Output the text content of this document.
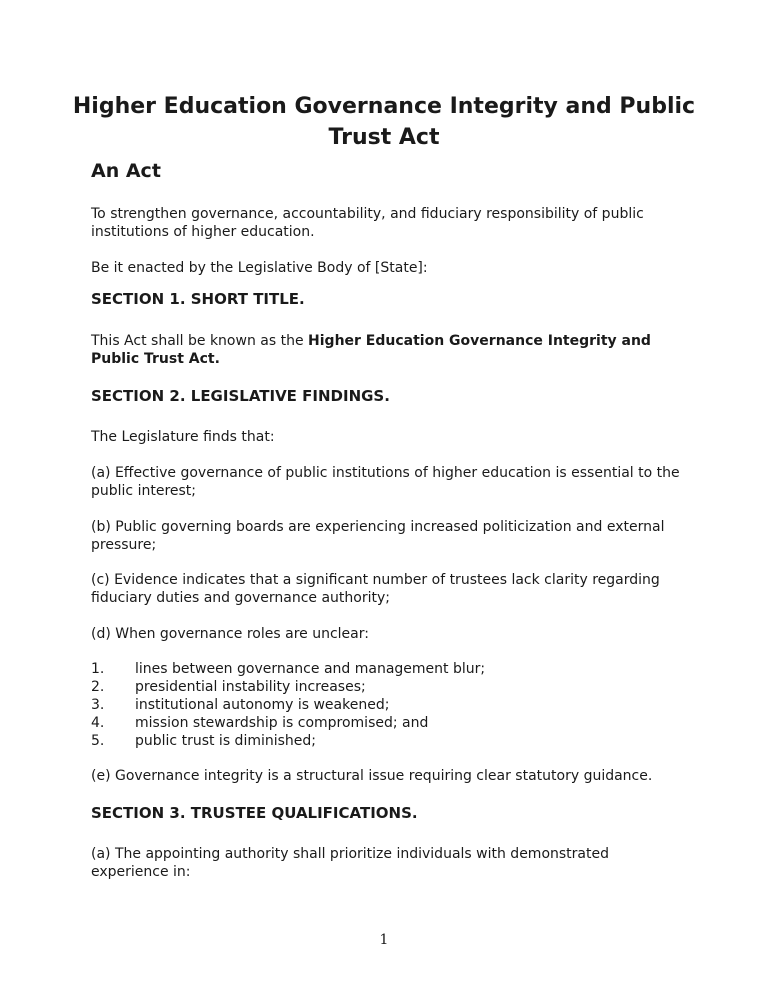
Higher Education Governance Integrity and Public Trust Act
An Act

To strengthen governance, accountability, and fiduciary responsibility of public institutions of higher education.

Be it enacted by the Legislative Body of [State]:

SECTION 1. SHORT TITLE.

This Act shall be known as the Higher Education Governance Integrity and Public Trust Act.

SECTION 2. LEGISLATIVE FINDINGS.

The Legislature finds that:

(a) Effective governance of public institutions of higher education is essential to the public interest;

(b) Public governing boards are experiencing increased politicization and external pressure;

(c) Evidence indicates that a significant number of trustees lack clarity regarding fiduciary duties and governance authority;

(d) When governance roles are unclear:

1. lines between governance and management blur;
2. presidential instability increases;
3. institutional autonomy is weakened;
4. mission stewardship is compromised; and
5. public trust is diminished;

(e) Governance integrity is a structural issue requiring clear statutory guidance.

SECTION 3. TRUSTEE QUALIFICATIONS.

(a) The appointing authority shall prioritize individuals with demonstrated experience in:

1
